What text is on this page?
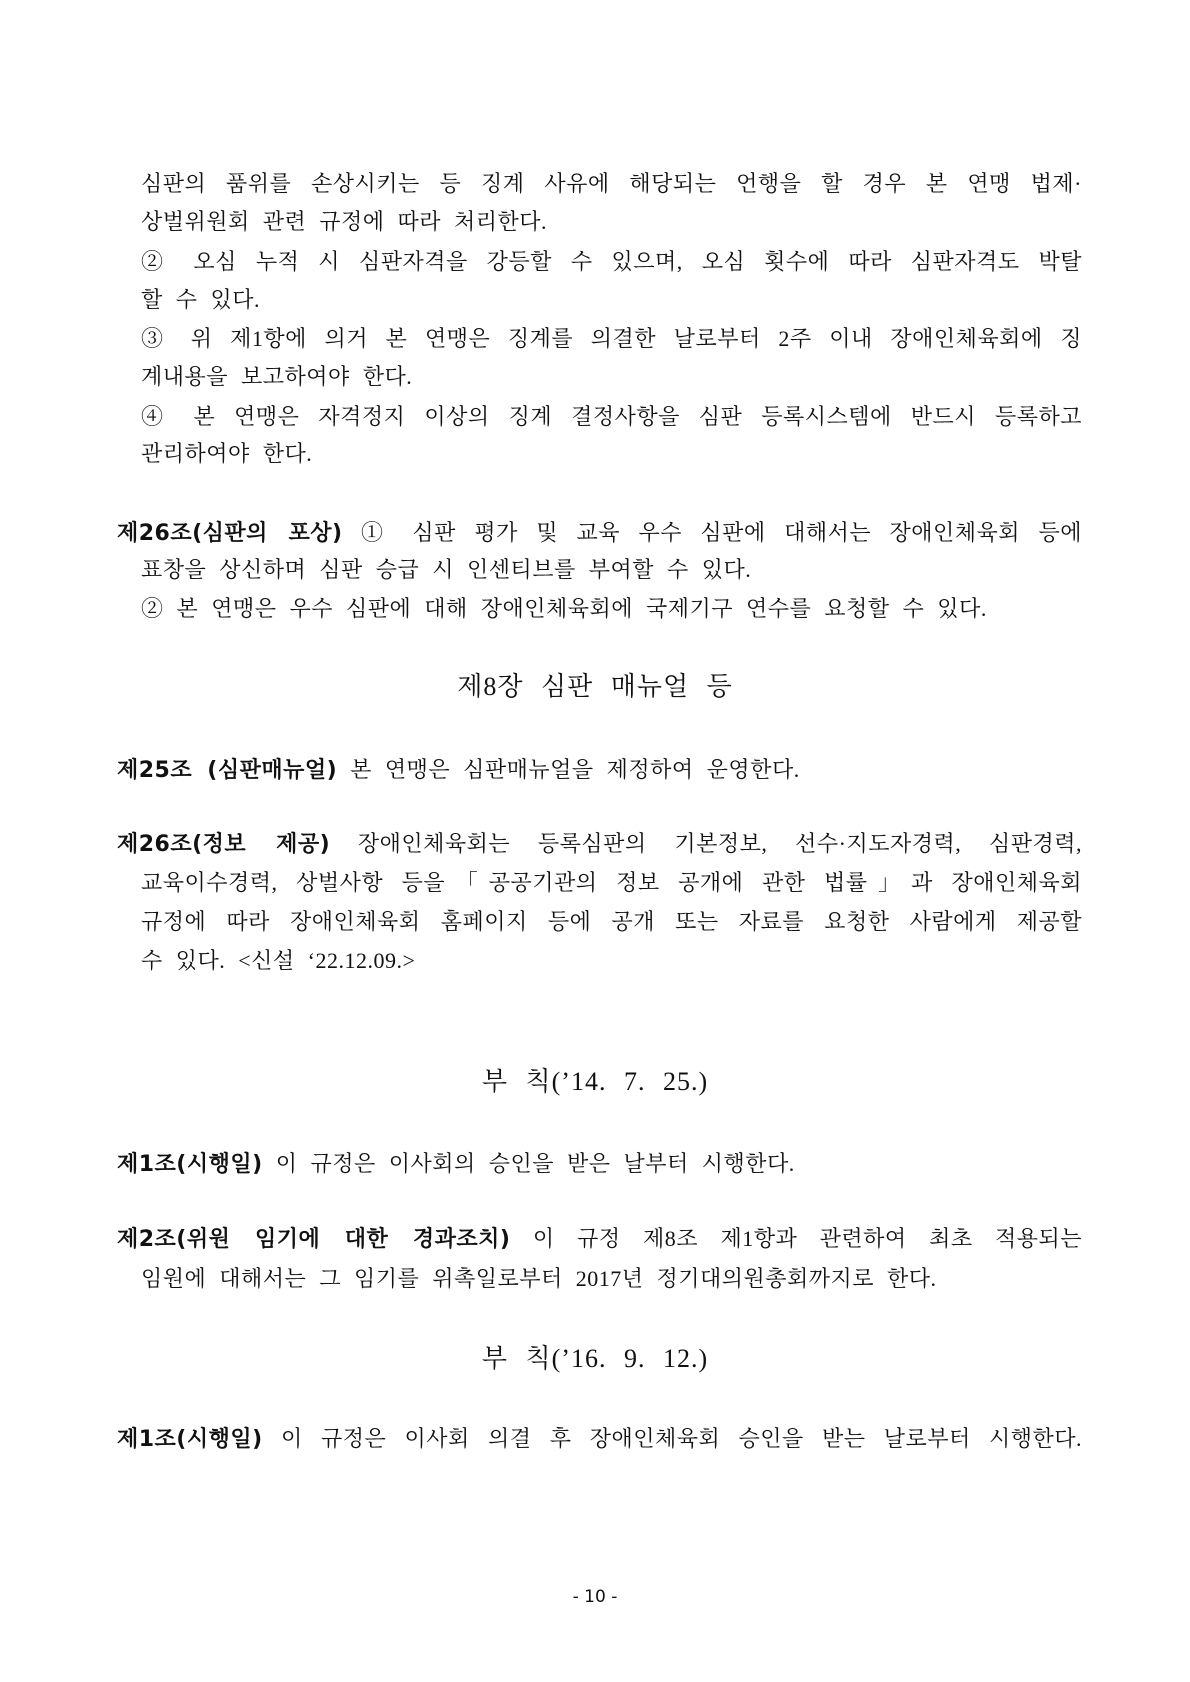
심판의 품위를 손상시키는 등 징계 사유에 해당되는 언행을 할 경우 본 연맹 법제·
상벌위원회 관련 규정에 따라 처리한다.
② 오심 누적 시 심판자격을 강등할 수 있으며, 오심 횟수에 따라 심판자격도 박탈
할 수 있다.
③ 위 제1항에 의거 본 연맹은 징계를 의결한 날로부터 2주 이내 장애인체육회에 징
계내용을 보고하여야 한다.
④ 본 연맹은 자격정지 이상의 징계 결정사항을 심판 등록시스템에 반드시 등록하고
관리하여야 한다.
제26조(심판의 포상) ① 심판 평가 및 교육 우수 심판에 대해서는 장애인체육회 등에
표창을 상신하며 심판 승급 시 인센티브를 부여할 수 있다.
② 본 연맹은 우수 심판에 대해 장애인체육회에 국제기구 연수를 요청할 수 있다.
제8장 심판 매뉴얼 등
제25조 (심판매뉴얼) 본 연맹은 심판매뉴얼을 제정하여 운영한다.
제26조(정보 제공) 장애인체육회는 등록심판의 기본정보, 선수·지도자경력, 심판경력,
교육이수경력, 상벌사항 등을「공공기관의 정보 공개에 관한 법률」과 장애인체육회
규정에 따라 장애인체육회 홈페이지 등에 공개 또는 자료를 요청한 사람에게 제공할
수 있다. <신설 ‘22.12.09.>
부 칙(’14. 7. 25.)
제1조(시행일) 이 규정은 이사회의 승인을 받은 날부터 시행한다.
제2조(위원 임기에 대한 경과조치) 이 규정 제8조 제1항과 관련하여 최초 적용되는
임원에 대해서는 그 임기를 위촉일로부터 2017년 정기대의원총회까지로 한다.
부 칙(’16. 9. 12.)
제1조(시행일) 이 규정은 이사회 의결 후 장애인체육회 승인을 받는 날로부터 시행한다.
- 10 -
